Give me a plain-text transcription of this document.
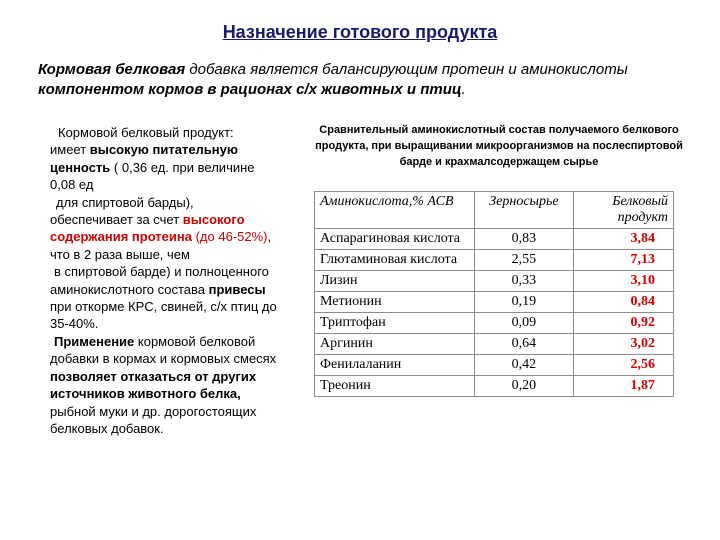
Назначение готового продукта
Кормовая белковая добавка является балансирующим протеин и аминокислоты компонентом кормов в рационах с/х животных и птиц.
Кормовой белковый продукт:
имеет высокую питательную ценность ( 0,36 ед. при величине 0,08 ед
для спиртовой барды),
обеспечивает за счет высокого содержания протеина (до 46-52%), что в 2 раза выше, чем
в спиртовой барде) и полноценного аминокислотного состава привесы при откорме КРС, свиней, с/х птиц до 35-40%.
Применение кормовой белковой добавки в кормах и кормовых смесях позволяет отказаться от других источников животного белка, рыбной муки и др. дорогостоящих белковых добавок.
Сравнительный аминокислотный состав получаемого белкового продукта, при выращивании микроорганизмов на послеспиртовой барде и крахмалсодержащем сырье
Аминокислота,% АСВ	Зерносырье	Белковый продукт
Аспарагиновая кислота	0,83	3,84
Глютаминовая кислота	2,55	7,13
Лизин	0,33	3,10
Метионин	0,19	0,84
Триптофан	0,09	0,92
Аргинин	0,64	3,02
Фенилаланин	0,42	2,56
Треонин	0,20	1,87
